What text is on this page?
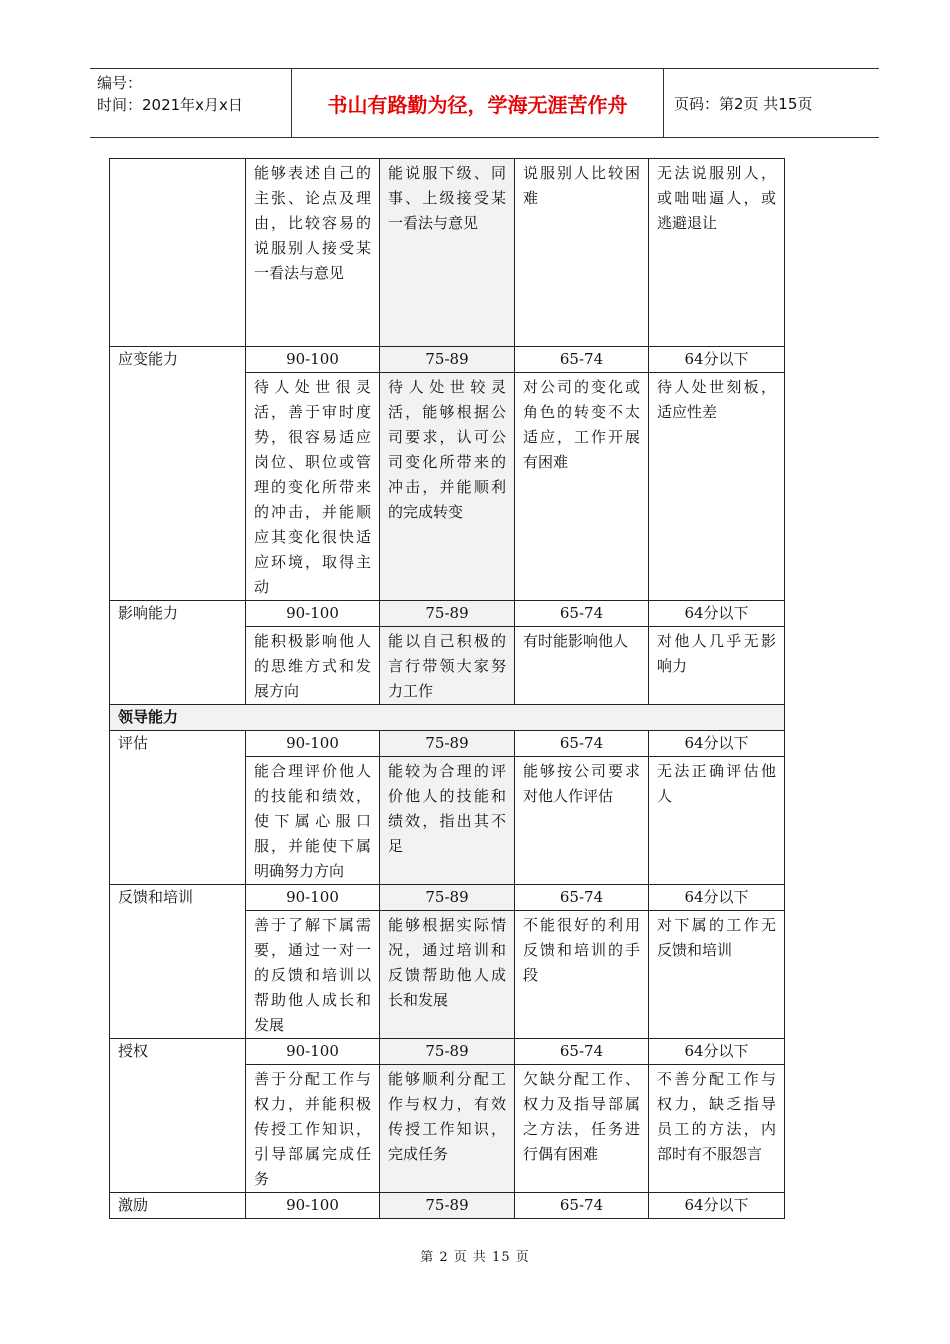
编号：
时间：2021年x月x日	书山有路勤为径，学海无涯苦作舟	页码：第2页 共15页
	能够表述自己的主张、论点及理由，比较容易的说服别人接受某一看法与意见	能说服下级、同事、上级接受某一看法与意见	说服别人比较困难	无法说服别人，或咄咄逼人，或逃避退让
应变能力	90-100	75-89	65-74	64分以下
	待人处世很灵活，善于审时度势，很容易适应岗位、职位或管理的变化所带来的冲击，并能顺应其变化很快适应环境，取得主动	待人处世较灵活，能够根据公司要求，认可公司变化所带来的冲击，并能顺利的完成转变	对公司的变化或角色的转变不太适应，工作开展有困难	待人处世刻板，适应性差
影响能力	90-100	75-89	65-74	64分以下
	能积极影响他人的思维方式和发展方向	能以自己积极的言行带领大家努力工作	有时能影响他人	对他人几乎无影响力
领导能力				
评估	90-100	75-89	65-74	64分以下
	能合理评价他人的技能和绩效，使下属心服口服，并能使下属明确努力方向	能较为合理的评价他人的技能和绩效，指出其不足	能够按公司要求对他人作评估	无法正确评估他人
反馈和培训	90-100	75-89	65-74	64分以下
	善于了解下属需要，通过一对一的反馈和培训以帮助他人成长和发展	能够根据实际情况，通过培训和反馈帮助他人成长和发展	不能很好的利用反馈和培训的手段	对下属的工作无反馈和培训
授权	90-100	75-89	65-74	64分以下
	善于分配工作与权力，并能积极传授工作知识，引导部属完成任务	能够顺利分配工作与权力，有效传授工作知识，完成任务	欠缺分配工作、权力及指导部属之方法，任务进行偶有困难	不善分配工作与权力，缺乏指导员工的方法，内部时有不服怨言
激励	90-100	75-89	65-74	64分以下
第 2 页 共 15 页
